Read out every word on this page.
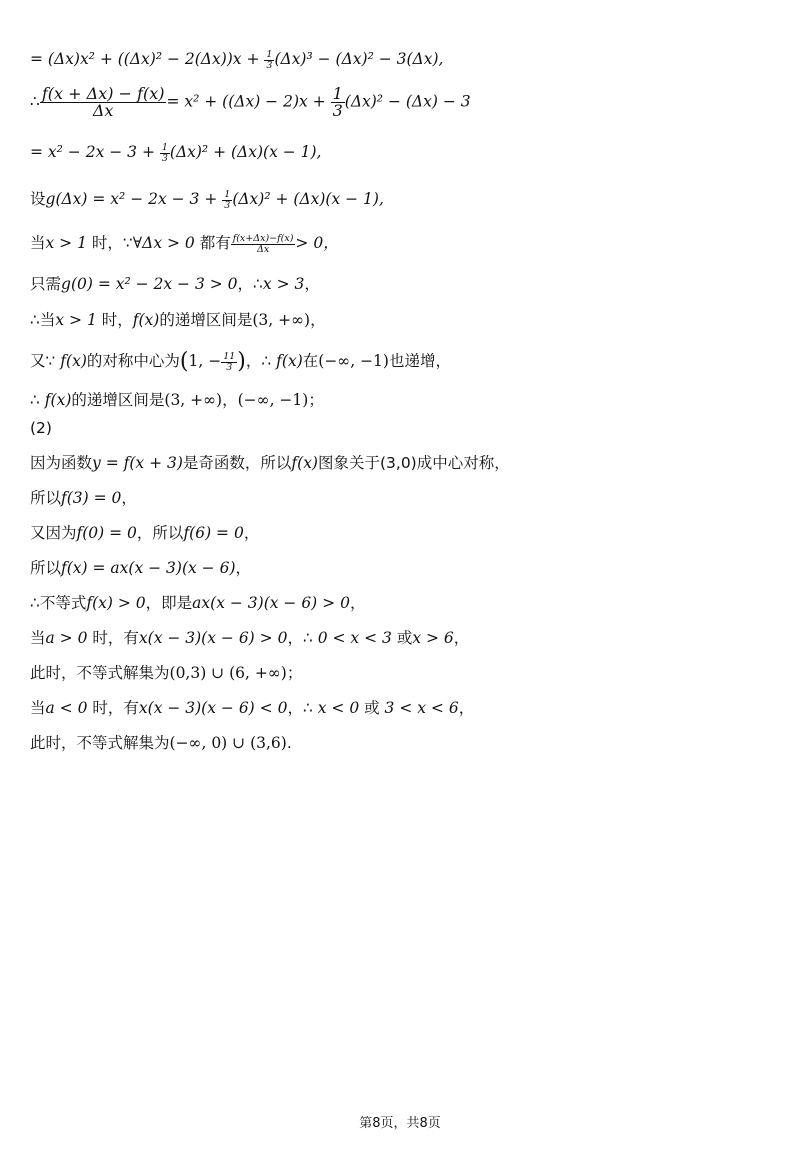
= $(\Delta x)x^2 + ((\Delta x)^2 - 2(\Delta x))x + \frac{1}{3} (\Delta x)^3 - (\Delta x)^2 - 3(\Delta x)$,
∴ $\frac{f(x + \Delta x) - f(x)}{\Delta x} = x^2 + ((\Delta x) - 2)x + \frac{1}{3} (\Delta x)^2 - (\Delta x) - 3$
= $x^2 - 2x - 3 + \frac{1}{3} (\Delta x)^2 + (\Delta x)(x - 1)$,
设$g(\Delta x) = x^2 - 2x - 3 + \frac{1}{3} (\Delta x)^2 + (\Delta x)(x - 1)$,
当x > 1 时，∵∀Δx > 0 都有 $\frac{f(x+\Delta x)-f(x)}{\Delta x} > 0$，
只需g(0) = x² − 2x − 3 > 0，∴x > 3，
∴当x > 1 时，f(x)的递增区间是(3, +∞)，
又∵ f(x)的对称中心为(1, − $\frac{11}{3}$ )，∴ f(x)在(−∞, −1)也递增，
∴ f(x)的递增区间是(3, +∞)，(−∞, −1)；
(2)
因为函数y = f(x + 3)是奇函数，所以f(x)图象关于(3,0)成中心对称，
所以f(3) = 0，
又因为f(0) = 0，所以f(6) = 0，
所以f(x) = ax(x − 3)(x − 6)，
∴不等式f(x) > 0，即是ax(x − 3)(x − 6) > 0，
当a > 0 时，有x(x − 3)(x − 6) > 0，∴ 0 < x < 3 或x > 6，
此时，不等式解集为(0,3) ∪ (6, +∞)；
当a < 0 时，有x(x − 3)(x − 6) < 0，∴ x < 0 或 3 < x < 6，
此时，不等式解集为(−∞, 0) ∪ (3,6).
第8页，共8页
